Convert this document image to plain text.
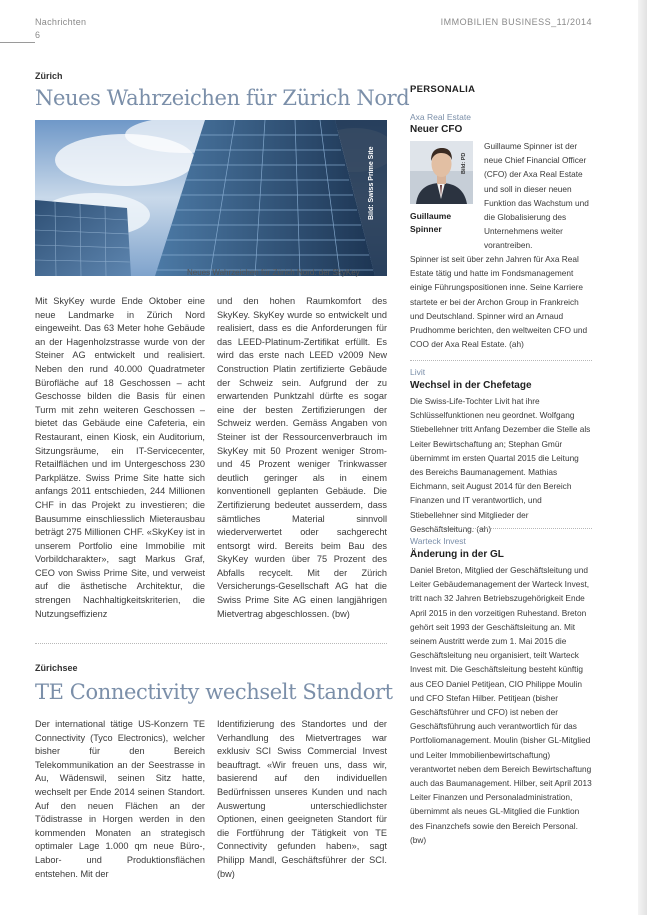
Nachrichten
6
IMMOBILIEN BUSINESS_11/2014
Zürich
Neues Wahrzeichen für Zürich Nord
Bild: Swiss Prime Site
Neues Wahrzeichen für Zürich Nord: der SkyKey
Mit SkyKey wurde Ende Oktober eine neue Landmarke in Zürich Nord eingeweiht. Das 63 Meter hohe Gebäude an der Hagenholzstrasse wurde von der Steiner AG entwickelt und realisiert. Neben den rund 40.000 Quadratmeter Bürofläche auf 18 Geschossen – acht Geschosse bilden die Basis für einen Turm mit zehn weiteren Geschossen – bietet das Gebäude eine Cafeteria, ein Restaurant, einen Kiosk, ein Auditorium, Sitzungsräume, ein IT-Servicecenter, Retailflächen und im Untergeschoss 230 Parkplätze. Swiss Prime Site hatte sich anfangs 2011 entschieden, 244 Millionen CHF in das Projekt zu investieren; die Bausumme einschliesslich Mieterausbau beträgt 275 Millionen CHF. «SkyKey ist in unserem Portfolio eine Immobilie mit Vorbildcharakter», sagt Markus Graf, CEO von Swiss Prime Site, und verweist auf die ästhetische Architektur, die strengen Nachhaltigkeitskriterien, die Nutzungseffizienz
und den hohen Raumkomfort des SkyKey. SkyKey wurde so entwickelt und realisiert, dass es die Anforderungen für das LEED-Platinum-Zertifikat erfüllt. Es wird das erste nach LEED v2009 New Construction Platin zertifizierte Gebäude der Schweiz sein. Aufgrund der zu erwartenden Punktzahl dürfte es sogar eine der besten Zertifizierungen der Schweiz werden. Gemäss Angaben von Steiner ist der Ressourcenverbrauch im SkyKey mit 50 Prozent weniger Strom- und 45 Prozent weniger Trinkwasser deutlich geringer als in einem konventionell geplanten Gebäude. Die Zertifizierung bedeutet ausserdem, dass sämtliches Material sinnvoll wiederverwertet oder sachgerecht entsorgt wird. Bereits beim Bau des SkyKey wurden über 75 Prozent des Abfalls recycelt. Mit der Zürich Versicherungs-Gesellschaft AG hat die Swiss Prime Site AG einen langjährigen Mietvertrag abgeschlossen. (bw)
Zürichsee
TE Connectivity wechselt Standort
Der international tätige US-Konzern TE Connectivity (Tyco Electronics), welcher bisher für den Bereich Telekommunikation an der Seestrasse in Au, Wädenswil, seinen Sitz hatte, wechselt per Ende 2014 seinen Standort. Auf den neuen Flächen an der Tödistrasse in Horgen werden in den kommenden Monaten an strategisch optimaler Lage 1.000 qm neue Büro-, Labor- und Produktionsflächen entstehen. Mit der
Identifizierung des Standortes und der Verhandlung des Mietvertrages war exklusiv SCI Swiss Commercial Invest beauftragt. «Wir freuen uns, dass wir, basierend auf den individuellen Bedürfnissen unseres Kunden und nach Auswertung unterschiedlichster Optionen, einen geeigneten Standort für die Fortführung der Tätigkeit von TE Connectivity gefunden haben», sagt Philipp Mandl, Geschäftsführer der SCI. (bw)
PERSONALIA
Axa Real Estate
Neuer CFO
Bild: PD
Guillaume
Spinner
Guillaume Spinner ist der neue Chief Financial Officer (CFO) der Axa Real Estate und soll in dieser neuen Funktion das Wachstum und die Globalisierung des Unternehmens weiter vorantreiben.
Spinner ist seit über zehn Jahren für Axa Real Estate tätig und hatte im Fondsmanagement einige Führungspositionen inne. Seine Karriere startete er bei der Archon Group in Frankreich und Deutschland. Spinner wird an Arnaud Prudhomme berichten, den weltweiten CFO und COO der Axa Real Estate. (ah)
Livit
Wechsel in der Chefetage
Die Swiss-Life-Tochter Livit hat ihre Schlüsselfunktionen neu geordnet. Wolfgang Stiebellehner tritt Anfang Dezember die Stelle als Leiter Bewirtschaftung an; Stephan Gmür übernimmt im ersten Quartal 2015 die Leitung des Bereichs Baumanagement. Mathias Eichmann, seit August 2014 für den Bereich Finanzen und IT verantwortlich, und Stiebellehner sind Mitglieder der Geschäftsleitung. (ah)
Warteck Invest
Änderung in der GL
Daniel Breton, Mitglied der Geschäftsleitung und Leiter Gebäudemanagement der Warteck Invest, tritt nach 32 Jahren Betriebszugehörigkeit Ende April 2015 in den vorzeitigen Ruhestand. Breton gehört seit 1993 der Geschäftsleitung an. Mit seinem Austritt werde zum 1. Mai 2015 die Geschäftsleitung neu organisiert, teilt Warteck Invest mit. Die Geschäftsleitung besteht künftig aus CEO Daniel Petitjean, CIO Philippe Moulin und CFO Stefan Hilber. Petitjean (bisher Geschäftsführer und CFO) ist neben der Geschäftsführung auch verantwortlich für das Portfoliomanagement. Moulin (bisher GL-Mitglied und Leiter Immobilienbewirtschaftung) verantwortet neben dem Bereich Bewirtschaftung auch das Baumanagement. Hilber, seit April 2013 Leiter Finanzen und Personaladministration, übernimmt als neues GL-Mitglied die Funktion des Finanzchefs sowie den Bereich Personal. (bw)
